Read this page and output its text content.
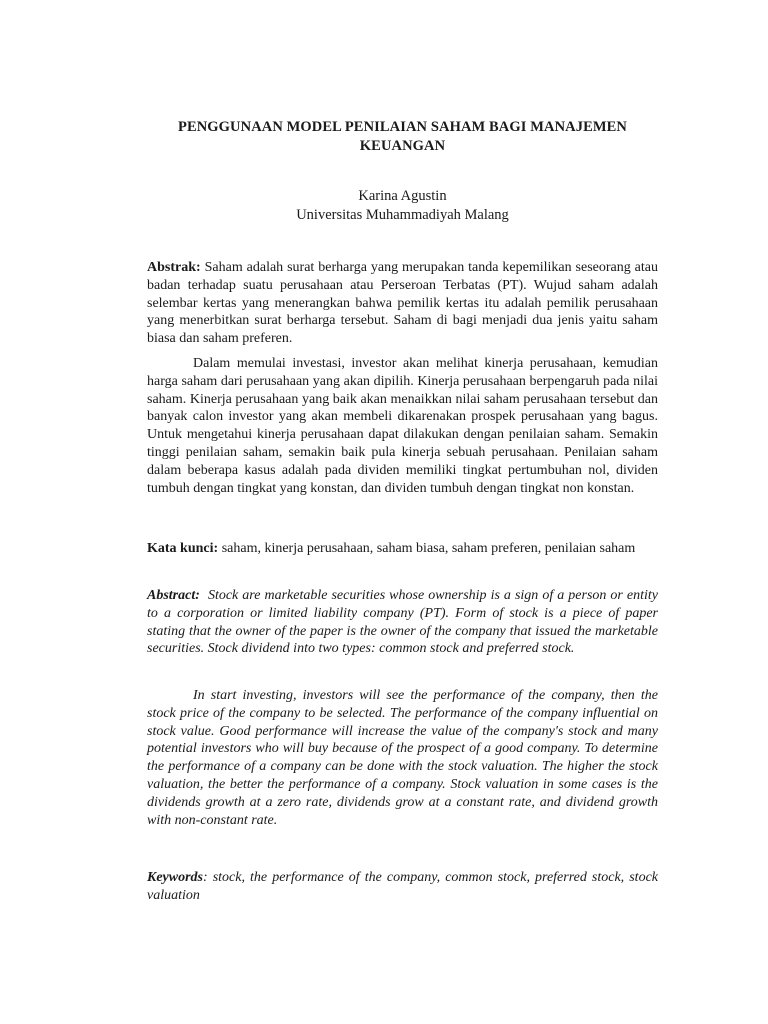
PENGGUNAAN MODEL PENILAIAN SAHAM BAGI MANAJEMEN
KEUANGAN
Karina Agustin
Universitas Muhammadiyah Malang

Abstrak: Saham adalah surat berharga yang merupakan tanda kepemilikan seseorang atau badan terhadap suatu perusahaan atau Perseroan Terbatas (PT). Wujud saham adalah selembar kertas yang menerangkan bahwa pemilik kertas itu adalah pemilik perusahaan yang menerbitkan surat berharga tersebut. Saham di bagi menjadi dua jenis yaitu saham biasa dan saham preferen.

Dalam memulai investasi, investor akan melihat kinerja perusahaan, kemudian harga saham dari perusahaan yang akan dipilih. Kinerja perusahaan berpengaruh pada nilai saham. Kinerja perusahaan yang baik akan menaikkan nilai saham perusahaan tersebut dan banyak calon investor yang akan membeli dikarenakan prospek perusahaan yang bagus. Untuk mengetahui kinerja perusahaan dapat dilakukan dengan penilaian saham. Semakin tinggi penilaian saham, semakin baik pula kinerja sebuah perusahaan. Penilaian saham dalam beberapa kasus adalah pada dividen memiliki tingkat pertumbuhan nol, dividen tumbuh dengan tingkat yang konstan, dan dividen tumbuh dengan tingkat non konstan.

Kata kunci: saham, kinerja perusahaan, saham biasa, saham preferen, penilaian saham

Abstract: Stock are marketable securities whose ownership is a sign of a person or entity to a corporation or limited liability company (PT). Form of stock is a piece of paper stating that the owner of the paper is the owner of the company that issued the marketable securities. Stock dividend into two types: common stock and preferred stock.

In start investing, investors will see the performance of the company, then the stock price of the company to be selected. The performance of the company influential on stock value. Good performance will increase the value of the company's stock and many potential investors who will buy because of the prospect of a good company. To determine the performance of a company can be done with the stock valuation. The higher the stock valuation, the better the performance of a company. Stock valuation in some cases is the dividends growth at a zero rate, dividends grow at a constant rate, and dividend growth with non-constant rate.

Keywords: stock, the performance of the company, common stock, preferred stock, stock valuation
